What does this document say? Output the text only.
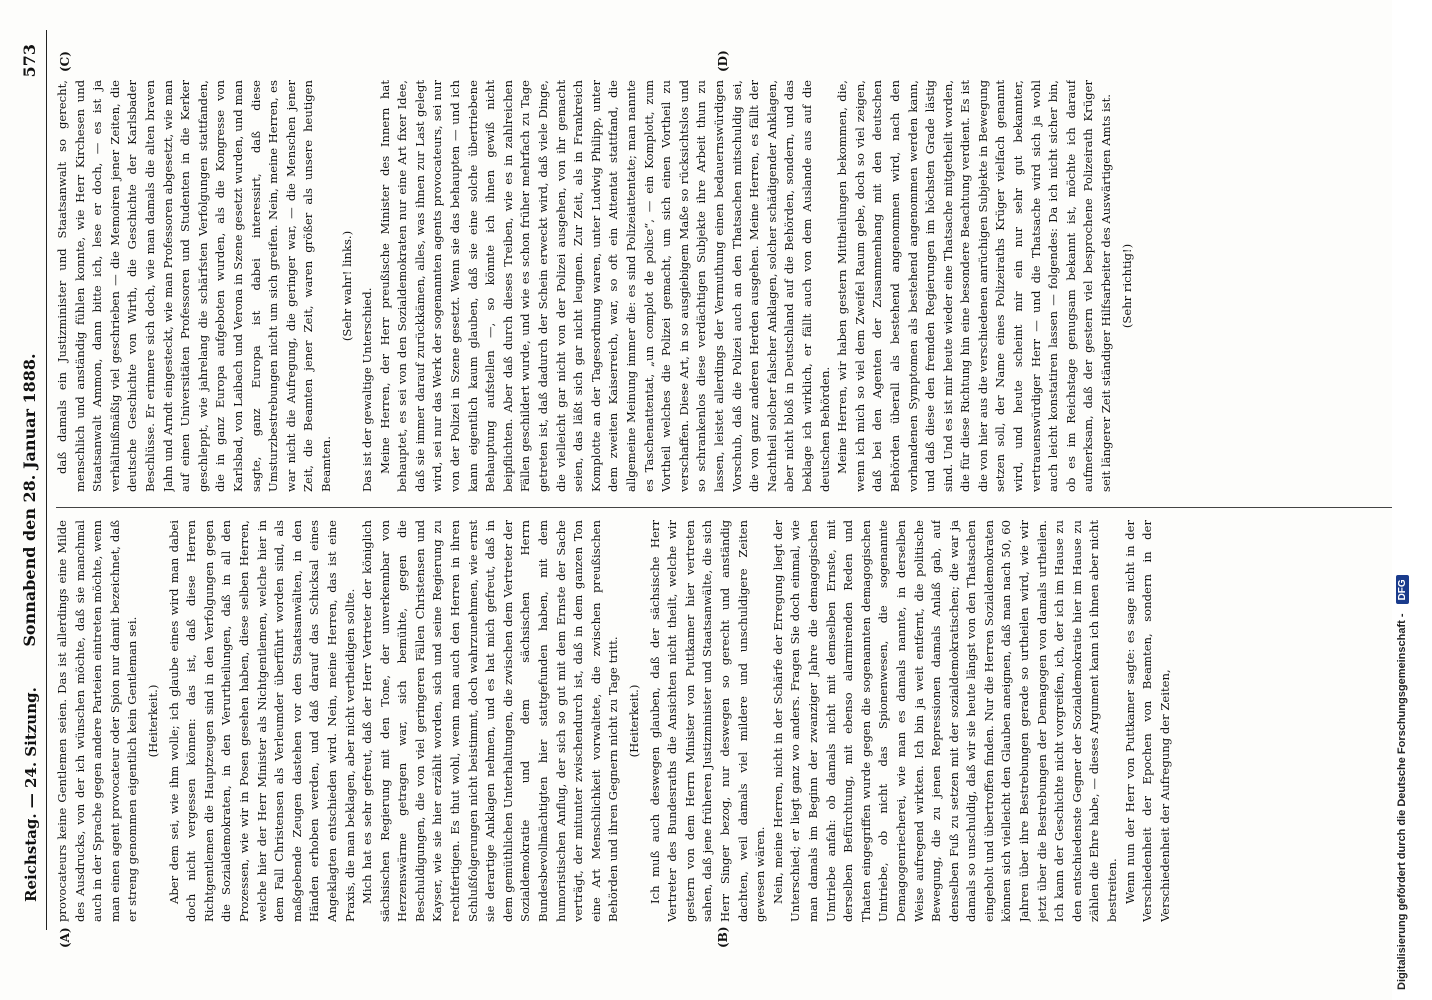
Reichstag. — 24. Sitzung.
Sonnabend den 28. Januar 1888.
573
(A)	(B)
(C)	(D)

provocateurs keine Gentlemen seien. Das ist allerdings eine Milde des Ausdrucks, von der ich wünschen möchte, daß sie manchmal auch in der Sprache gegen andere Parteien eintreten möchte, wenn man einen agent provocateur oder Spion nur damit bezeichnet, daß er streng genommen eigentlich kein Gentleman sei. (Heiterkeit.) Aber dem sei, wie ihm wolle; ich glaube eines wird man dabei doch nicht vergessen können: das ist, daß diese Herren Richtgentlemen die Hauptzeugen sind in den Verfolgungen gegen die Sozialdemokraten, in den Verurtheilungen, daß in all den Prozessen, wie wir in Posen gesehen haben, diese selben Herren, welche hier der Herr Minister als Nichtgentlemen, welche hier in dem Fall Christensen als Verleumder überführt worden sind, als maßgebende Zeugen dastehen vor den Staatsanwälten, in den Händen erhoben werden, und daß darauf das Schicksal eines Angeklagten entschieden wird. Nein, meine Herren, das ist eine Praxis, die man beklagen, aber nicht vertheidigen sollte. Mich hat es sehr gefreut, daß der Herr Vertreter der königlich sächsischen Regierung mit den Tone, der unverkennbar von Herzenswärme getragen war, sich bemühte, gegen die Beschuldigungen, die von viel geringeren Fällen Christensen und Kayser, wie sie hier erzählt worden, sich und seine Regierung zu rechtfertigen. Es thut wohl, wenn man auch den Herren in ihren Schlußfolgerungen nicht beistimmt, doch wahrzunehmen, wie ernst sie derartige Anklagen nehmen, und es hat mich gefreut, daß in dem gemüthlichen Unterhaltungen, die zwischen dem Vertreter der Sozialdemokratie und dem sächsischen Herrn Bundesbevollmächtigten hier stattgefunden haben, mit dem humoristischen Anflug, der sich so gut mit dem Ernste der Sache verträgt, der mitunter zwischendurch ist, daß in dem ganzen Ton eine Art Menschlichkeit vorwaltete, die zwischen preußischen Behörden und ihren Gegnern nicht zu Tage tritt. (Heiterkeit.) Ich muß auch deswegen glauben, daß der sächsische Herr Vertreter des Bundesraths die Ansichten nicht theilt, welche wir gestern von dem Herrn Minister von Puttkamer hier vertreten sahen, daß jene früheren Justizminister und Staatsanwälte, die sich Herr Singer bezog, nur deswegen so gerecht und anständig dachten, weil damals viel mildere und unschuldigere Zeiten gewesen wären. Nein, meine Herren, nicht in der Schärfe der Erregung liegt der Unterschied; er liegt ganz wo anders. Fragen Sie doch einmal, wie man damals im Beginn der zwanziger Jahre die demagogischen Umtriebe anfah: ob damals nicht mit demselben Ernste, mit derselben Befürchtung, mit ebenso alarmirenden Reden und Thaten eingegriffen wurde gegen die sogenannten demagogischen Umtriebe, ob nicht das Spionenwesen, die sogenannte Demagogenriecherei, wie man es damals nannte, in derselben Weise aufregend wirkten. Ich bin ja weit entfernt, die politische Bewegung, die zu jenen Repressionen damals Anlaß gab, auf denselben Fuß zu setzen mit der sozialdemokratischen; die war ja damals so unschuldig, daß wir sie heute längst von den Thatsachen eingeholt und übertroffen finden. Nur die Herren Sozialdemokraten können sich vielleicht den Glauben aneignen, daß man nach 50, 60 Jahren über ihre Bestrebungen gerade so urtheilen wird, wie wir jetzt über die Bestrebungen der Demagogen von damals urtheilen. Ich kann der Geschichte nicht vorgreifen, ich, der ich im Hause zu den entschiedenste Gegner der Sozialdemokratie hier im Hause zu zählen die Ehre habe, — dieses Argument kann ich ihnen aber nicht bestreiten. Wenn nun der Herr von Puttkamer sagte: es sage nicht in der Verschiedenheit der Epochen von Beamten, sondern in der Verschiedenheit der Aufregung der Zeiten,

daß damals ein Justizminister und Staatsanwalt so gerecht, menschlich und anständig fühlen konnte, wie Herr Kirchesen und Staatsanwalt Ammon, dann bitte ich, lese er doch, — es ist ja verhältnißmäßig viel geschrieben — die Memoiren jener Zeiten, die deutsche Geschichte von Wirth, die Geschichte der Karlsbader Beschlüsse. Er erinnere sich doch, wie man damals die alten braven Jahn und Arndt eingesteckt, wie man Professoren abgesetzt, wie man auf einen Universitäten Professoren und Studenten in die Kerker geschleppt, wie jahrelang die schärfsten Verfolgungen stattfanden, die in ganz Europa aufgeboten wurden, als die Kongresse von Karlsbad, von Laibach und Verona in Szene gesetzt wurden, und man sagte, ganz Europa ist dabei interessirt, daß diese Umsturzbestrebungen nicht um sich greifen. Nein, meine Herren, es war nicht die Aufregung, die geringer war, — die Menschen jener Zeit, die Beamten jener Zeit, waren größer als unsere heutigen Beamten.

(Sehr wahr! links.)

Das ist der gewaltige Unterschied. Meine Herren, der Herr preußische Minister des Innern hat behauptet, es sei von den Sozialdemokraten nur eine Art fixer Idee, daß sie immer darauf zurückkämen, alles, was ihnen zur Last gelegt wird, sei nur das Werk der sogenannten agents provocateurs, sei nur von der Polizei in Szene gesetzt. Wenn sie das behaupten — und ich kann eigentlich kaum glauben, daß sie eine solche übertriebene Behauptung aufstellen —, so könnte ich ihnen gewiß nicht beipflichten. Aber daß durch dieses Treiben, wie es in zahlreichen Fällen geschildert wurde, und wie es schon früher mehrfach zu Tage getreten ist, daß dadurch der Schein erweckt wird, daß viele Dinge, die vielleicht gar nicht von der Polizei ausgehen, von ihr gemacht seien, das läßt sich gar nicht leugnen. Zur Zeit, als in Frankreich Komplotte an der Tagesordnung waren, unter Ludwig Philipp, unter dem zweiten Kaiserreich, war, so oft ein Attentat stattfand, die allgemeine Meinung immer die: es sind Polizeiattentate; man nannte es Taschenattentat, „un complot de police“, — ein Komplott, zum Vortheil welches die Polizei gemacht, um sich einen Vortheil zu verschaffen. Diese Art, in so ausgiebigem Maße so rücksichtslos und so schrankenlos diese verdächtigen Subjekte ihre Arbeit thun zu lassen, leistet allerdings der Vermuthung einen bedauernswürdigen Vorschub, daß die Polizei auch an den Thatsachen mitschuldig sei, die von ganz anderen Herden ausgehen. Meine Herren, es fällt der Nachtheil solcher falscher Anklagen, solcher schädigender Anklagen, aber nicht bloß in Deutschland auf die Behörden, sondern, und das beklage ich wirklich, er fällt auch von dem Auslande aus auf die deutschen Behörden. Meine Herren, wir haben gestern Mittheilungen bekommen, die, wenn ich mich so viel dem Zweifel Raum gebe, doch so viel zeigen, daß bei den Agenten der Zusammenhang mit den deutschen Behörden überall als bestehend angenommen wird, nach den vorhandenen Symptomen als bestehend angenommen werden kann, und daß diese den fremden Regierungen im höchsten Grade lästig sind. Und es ist mir heute wieder eine Thatsache mitgetheilt worden, die für diese Richtung hin eine besondere Beachtung verdient. Es ist die von hier aus die verschiedenen anrüchigen Subjekte in Bewegung setzen soll, der Name eines Polizeiraths Krüger vielfach genannt wird, und heute scheint mir ein nur sehr gut bekannter, vertrauenswürdiger Herr — und die Thatsache wird sich ja wohl auch leicht konstatiren lassen — folgendes: Da ich nicht sicher bin, ob es im Reichstage genugsam bekannt ist, möchte ich darauf aufmerksam, daß der gestern viel besprochene Polizeirath Krüger seit längerer Zeit ständiger Hilfsarbeiter des Auswärtigen Amts ist. (Sehr richtig!)

Digitalisierung gefördert durch die Deutsche Forschungsgemeinschaft - DFG
